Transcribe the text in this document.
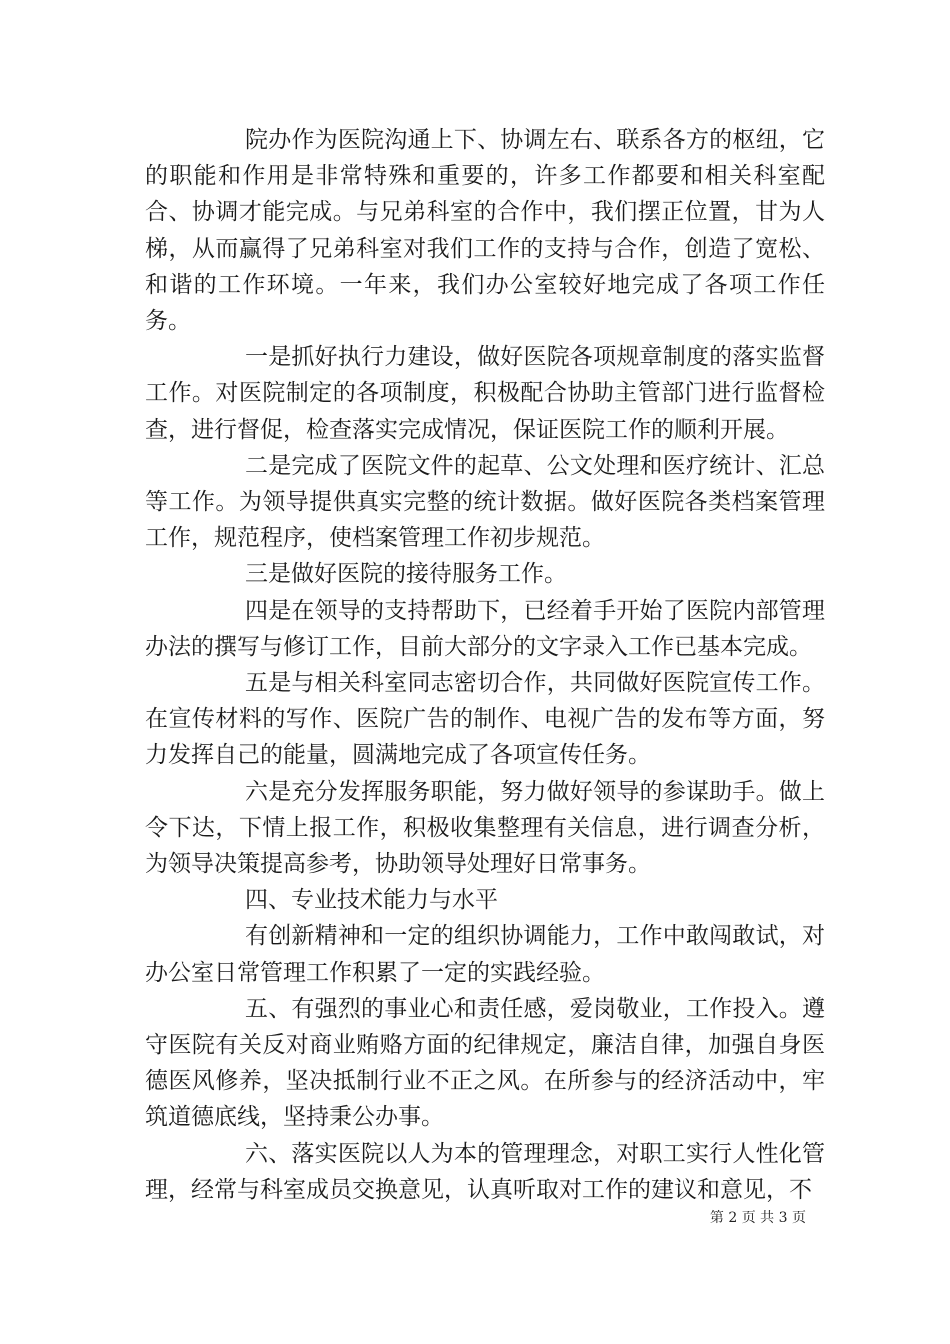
院办作为医院沟通上下、协调左右、联系各方的枢纽，它的职能和作用是非常特殊和重要的，许多工作都要和相关科室配合、协调才能完成。与兄弟科室的合作中，我们摆正位置，甘为人梯，从而赢得了兄弟科室对我们工作的支持与合作，创造了宽松、和谐的工作环境。一年来，我们办公室较好地完成了各项工作任务。

一是抓好执行力建设，做好医院各项规章制度的落实监督工作。对医院制定的各项制度，积极配合协助主管部门进行监督检查，进行督促，检查落实完成情况，保证医院工作的顺利开展。

二是完成了医院文件的起草、公文处理和医疗统计、汇总等工作。为领导提供真实完整的统计数据。做好医院各类档案管理工作，规范程序，使档案管理工作初步规范。

三是做好医院的接待服务工作。

四是在领导的支持帮助下，已经着手开始了医院内部管理办法的撰写与修订工作，目前大部分的文字录入工作已基本完成。

五是与相关科室同志密切合作，共同做好医院宣传工作。在宣传材料的写作、医院广告的制作、电视广告的发布等方面，努力发挥自己的能量，圆满地完成了各项宣传任务。

六是充分发挥服务职能，努力做好领导的参谋助手。做上令下达，下情上报工作，积极收集整理有关信息，进行调查分析，为领导决策提高参考，协助领导处理好日常事务。

四、专业技术能力与水平

有创新精神和一定的组织协调能力，工作中敢闯敢试，对办公室日常管理工作积累了一定的实践经验。

五、有强烈的事业心和责任感，爱岗敬业，工作投入。遵守医院有关反对商业贿赂方面的纪律规定，廉洁自律，加强自身医德医风修养，坚决抵制行业不正之风。在所参与的经济活动中，牢筑道德底线，坚持秉公办事。

六、落实医院以人为本的管理理念，对职工实行人性化管理，经常与科室成员交换意见，认真听取对工作的建议和意见，不

第 2 页 共 3 页
